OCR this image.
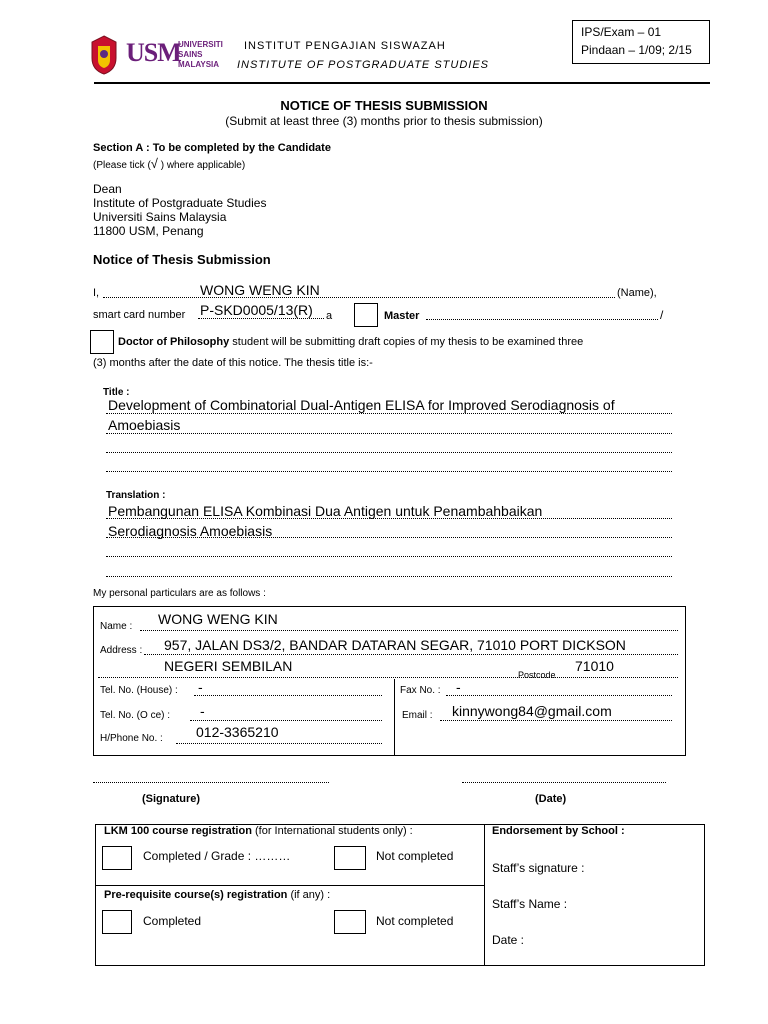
USM
UNIVERSITI
SAINS
MALAYSIA
INSTITUT PENGAJIAN SISWAZAH
INSTITUTE OF POSTGRADUATE STUDIES
IPS/Exam – 01
Pindaan – 1/09; 2/15
NOTICE OF THESIS SUBMISSION
(Submit at least three (3) months prior to thesis submission)
Section A : To be completed by the Candidate
(Please tick (√ ) where applicable)
Dean
Institute of Postgraduate Studies
Universiti Sains Malaysia
11800 USM, Penang
Notice of Thesis Submission
I,	WONG WENG KIN	(Name),
smart card number P-SKD0005/13(R) a	Master	/
Doctor of Philosophy student will be submitting draft copies of my thesis to be examined three
(3) months after the date of this notice. The thesis title is:-
Title :
Development of Combinatorial Dual-Antigen ELISA for Improved Serodiagnosis of
Amoebiasis
Translation :
Pembangunan ELISA Kombinasi Dua Antigen untuk Penambahbaikan
Serodiagnosis Amoebiasis
My personal particulars are as follows :
Name : WONG WENG KIN
Address : 957, JALAN DS3/2, BANDAR DATARAN SEGAR, 71010 PORT DICKSON
NEGERI SEMBILAN
Postcode
71010
Tel. No. (House) : -	Fax No. : -
Tel. No. (O ce) : -	Email : kinnywong84@gmail.com
H/Phone No. : 012-3365210
(Signature)	(Date)
LKM 100 course registration (for International students only) :
Completed / Grade : ………	Not completed
Pre-requisite course(s) registration (if any) :
Completed	Not completed
Endorsement by School :
Staff’s signature :
Staff’s Name :
Date :
